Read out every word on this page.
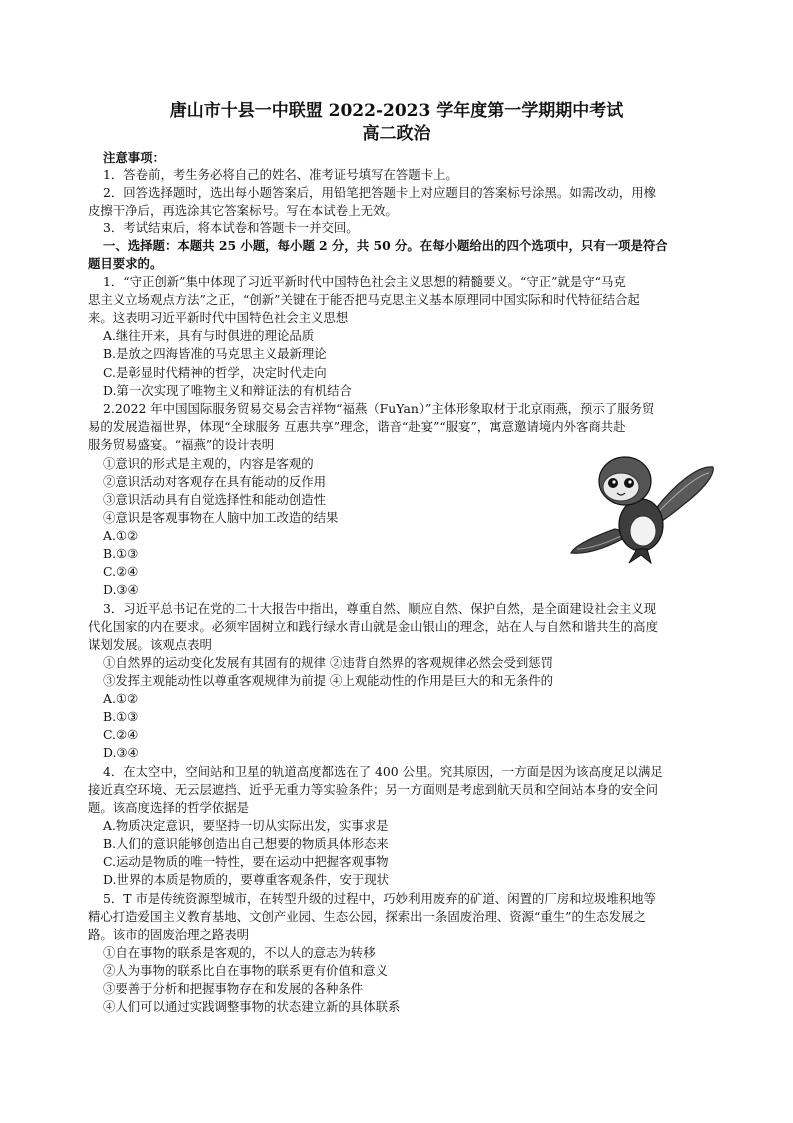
唐山市十县一中联盟 2022-2023 学年度第一学期期中考试
高二政治
注意事项：
1．答卷前，考生务必将自己的姓名、准考证号填写在答题卡上。
2．回答选择题时，选出每小题答案后，用铅笔把答题卡上对应题目的答案标号涂黑。如需改动，用橡
皮擦干净后，再选涂其它答案标号。写在本试卷上无效。
3．考试结束后，将本试卷和答题卡一并交回。
一、选择题：本题共 25 小题，每小题 2 分，共 50 分。在每小题给出的四个选项中，只有一项是符合
题目要求的。
1．“守正创新”集中体现了习近平新时代中国特色社会主义思想的精髓要义。“守正”就是守“马克
思主义立场观点方法”之正，“创新”关键在于能否把马克思主义基本原理同中国实际和时代特征结合起
来。这表明习近平新时代中国特色社会主义思想
A.继往开来，具有与时俱进的理论品质
B.是放之四海皆准的马克思主义最新理论
C.是彰显时代精神的哲学，决定时代走向
D.第一次实现了唯物主义和辩证法的有机结合
2.2022 年中国国际服务贸易交易会吉祥物“福燕（FuYan）”主体形象取材于北京雨燕，预示了服务贸
易的发展造福世界，体现“全球服务 互惠共享”理念，谐音“赴宴”“服宴”，寓意邀请境内外客商共赴
服务贸易盛宴。“福燕”的设计表明
①意识的形式是主观的，内容是客观的
②意识活动对客观存在具有能动的反作用
③意识活动具有自觉选择性和能动创造性
④意识是客观事物在人脑中加工改造的结果
A.①②
B.①③
C.②④
D.③④
3．习近平总书记在党的二十大报告中指出，尊重自然、顺应自然、保护自然，是全面建设社会主义现
代化国家的内在要求。必须牢固树立和践行绿水青山就是金山银山的理念，站在人与自然和谐共生的高度
谋划发展。该观点表明
①自然界的运动变化发展有其固有的规律 ②违背自然界的客观规律必然会受到惩罚
③发挥主观能动性以尊重客观规律为前提 ④上观能动性的作用是巨大的和无条件的
A.①②
B.①③
C.②④
D.③④
4．在太空中，空间站和卫星的轨道高度都选在了 400 公里。究其原因，一方面是因为该高度足以满足
接近真空环境、无云层遮挡、近乎无重力等实验条件；另一方面则是考虑到航天员和空间站本身的安全问
题。该高度选择的哲学依据是
A.物质决定意识，要坚持一切从实际出发，实事求是
B.人们的意识能够创造出自己想要的物质具体形态来
C.运动是物质的唯一特性，要在运动中把握客观事物
D.世界的本质是物质的，要尊重客观条件，安于现状
5．T 市是传统资源型城市，在转型升级的过程中，巧妙利用废弃的矿道、闲置的厂房和垃圾堆积地等
精心打造爱国主义教育基地、文创产业园、生态公园，探索出一条固废治理、资源“重生”的生态发展之
路。该市的固废治理之路表明
①自在事物的联系是客观的，不以人的意志为转移
②人为事物的联系比自在事物的联系更有价值和意义
③要善于分析和把握事物存在和发展的各种条件
④人们可以通过实践调整事物的状态建立新的具体联系
